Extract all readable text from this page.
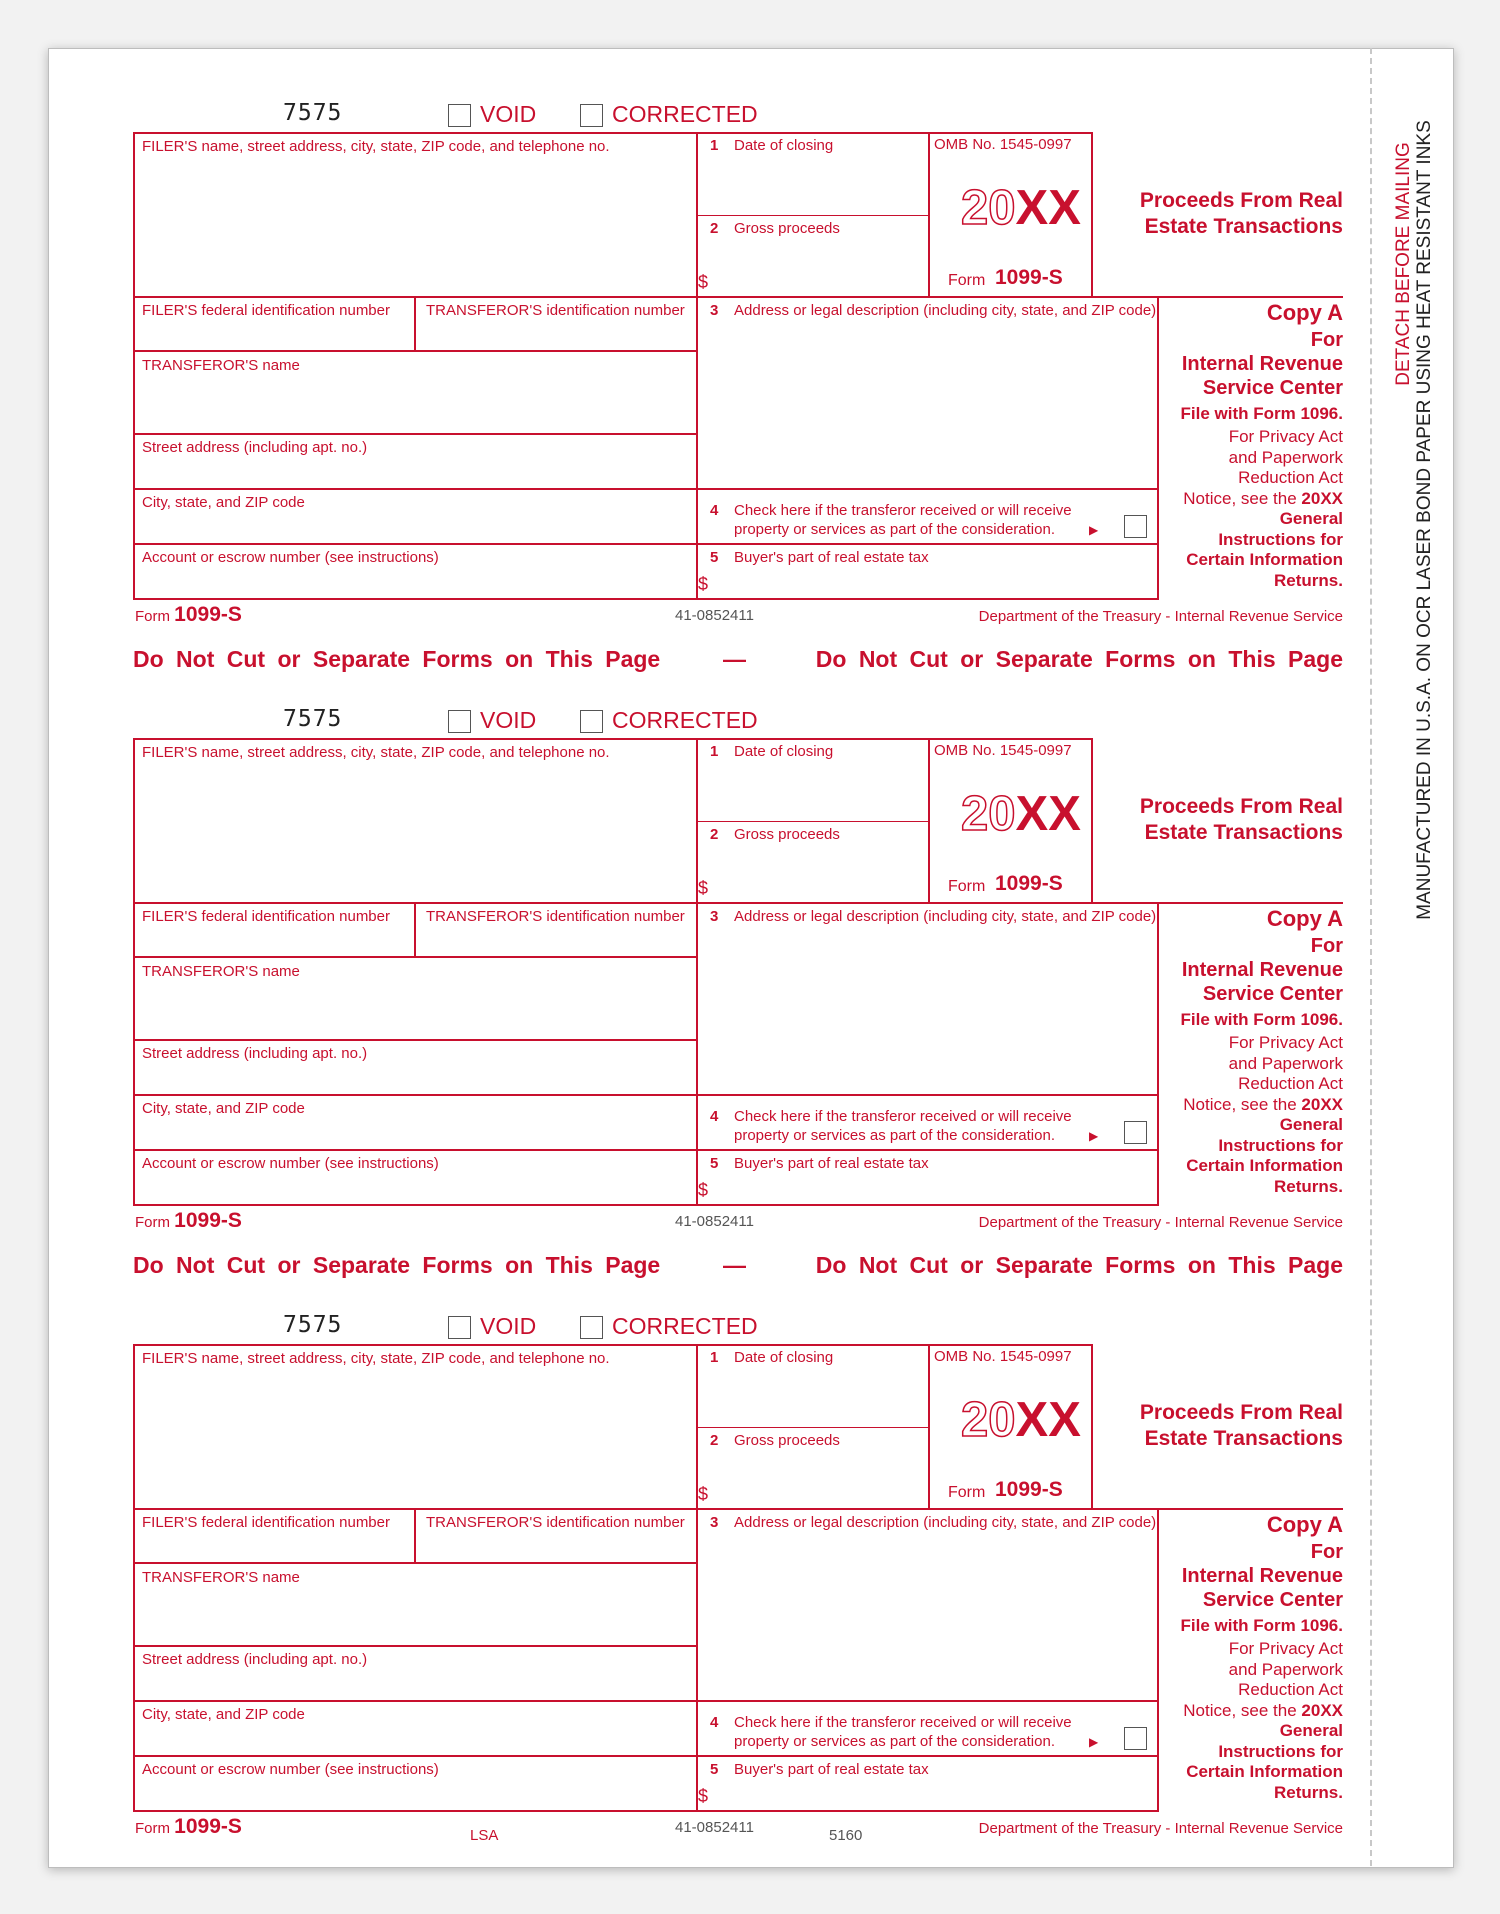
DETACH BEFORE MAILING MANUFACTURED IN U.S.A. ON OCR LASER BOND PAPER USING HEAT RESISTANT INKS
7575	VOID	CORRECTED
FILER'S name, street address, city, state, ZIP code, and telephone no.
FILER'S federal identification number TRANSFEROR'S identification number
TRANSFEROR'S name
Street address (including apt. no.)
City, state, and ZIP code
Account or escrow number (see instructions)
1 Date of closing
2 Gross proceeds
$
3 Address or legal description (including city, state, and ZIP code)
4 Check here if the transferor received or will receive
property or services as part of the consideration.	▶
5 Buyer's part of real estate tax
$
OMB No. 1545-0997
20XX
Form 1099-S
Proceeds From Real
Estate Transactions
Copy A
For
Internal Revenue
Service Center
File with Form 1096.
For Privacy Act
and Paperwork
Reduction Act
Notice, see the 20XX
General
Instructions for
Certain Information
Returns.
Form 1099-S	41-0852411	Department of the Treasury - Internal Revenue Service
7575	VOID	CORRECTED
FILER'S name, street address, city, state, ZIP code, and telephone no.
FILER'S federal identification number TRANSFEROR'S identification number
TRANSFEROR'S name
Street address (including apt. no.)
City, state, and ZIP code
Account or escrow number (see instructions)
1 Date of closing
2 Gross proceeds
$
3 Address or legal description (including city, state, and ZIP code)
4 Check here if the transferor received or will receive
property or services as part of the consideration.	▶
5 Buyer's part of real estate tax
$
OMB No. 1545-0997
20XX
Form 1099-S
Proceeds From Real
Estate Transactions
Copy A
For
Internal Revenue
Service Center
File with Form 1096.
For Privacy Act
and Paperwork
Reduction Act
Notice, see the 20XX
General
Instructions for
Certain Information
Returns.
Form 1099-S	41-0852411	Department of the Treasury - Internal Revenue Service
7575	VOID	CORRECTED
FILER'S name, street address, city, state, ZIP code, and telephone no.
FILER'S federal identification number TRANSFEROR'S identification number
TRANSFEROR'S name
Street address (including apt. no.)
City, state, and ZIP code
Account or escrow number (see instructions)
1 Date of closing
2 Gross proceeds
$
3 Address or legal description (including city, state, and ZIP code)
4 Check here if the transferor received or will receive
property or services as part of the consideration.	▶
5 Buyer's part of real estate tax
$
OMB No. 1545-0997
20XX
Form 1099-S
Proceeds From Real
Estate Transactions
Copy A
For
Internal Revenue
Service Center
File with Form 1096.
For Privacy Act
and Paperwork
Reduction Act
Notice, see the 20XX
General
Instructions for
Certain Information
Returns.
Form 1099-S	41-0852411	Department of the Treasury - Internal Revenue Service
Do Not Cut or Separate Forms on This Page	—	Do Not Cut or Separate Forms on This Page
Do Not Cut or Separate Forms on This Page	—	Do Not Cut or Separate Forms on This Page
LSA	5160
